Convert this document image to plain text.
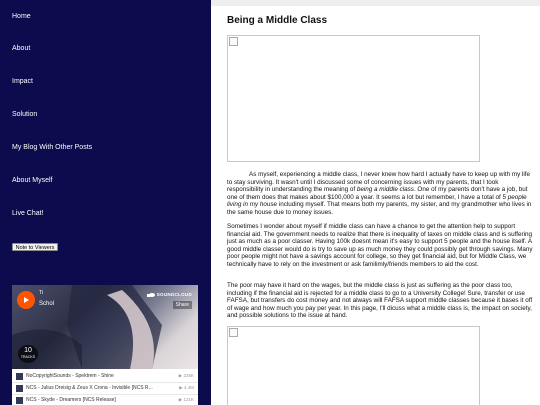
Home
About
Impact
Solution
My Blog With Other Posts
About Myself
Live Chat!
Note to Viewers
Ti
Schol
SOUNDCLOUD
Share
10
TRACKS
NoCopyrightSounds - Spektrem - Shine	▶ 226K
NCS - Julius Dreisig & Zeus X Crona - Invisible [NCS R...	▶ 4.4M
NCS - Skyde - Dreamers [NCS Release]	▶ 121K
Being a Middle Class

As myself, experiencing a middle class, I never knew how hard I actually have to keep up with my life to stay surviving. It wasn't until I discussed some of concerning issues with my parents, that I took responsibility in understanding the meaning of being a middle class. One of my parents don't have a job, but one of them does that makes about $100,000 a year. It seems a lot but remember, I have a total of 5 people living in my house including myself. That means both my parents, my sister, and my grandmother who lives in the same house due to money issues.

Sometimes I wonder about myself if middle class can have a chance to get the attention help to support financial aid. The government needs to realize that there is inequality of taxes on middle class and is suffering just as much as a poor classer. Having 100k doesnt mean it's easy to support 5 people and the house itself. A good middle classer would do is try to save up as much money they could possibly get through savings. Many poor people might not have a savings account for college, so they get financial aid, but for Middle Class, we technically have to rely on the investment or ask familimly/friends members to aid the cost.

The poor may have it hard on the wages, but the middle class is just as suffering as the poor class too, including if the financial aid is rejected for a middle class to go to a University College! Sure, transfer or use FAFSA, but transfers do cost money and not always will FAFSA support middle classes because it bases it off of wage and how much you pay per year. In this page, I'll dicuss what a middle class is, the impact on society, and possible solutions to the issue at hand.
